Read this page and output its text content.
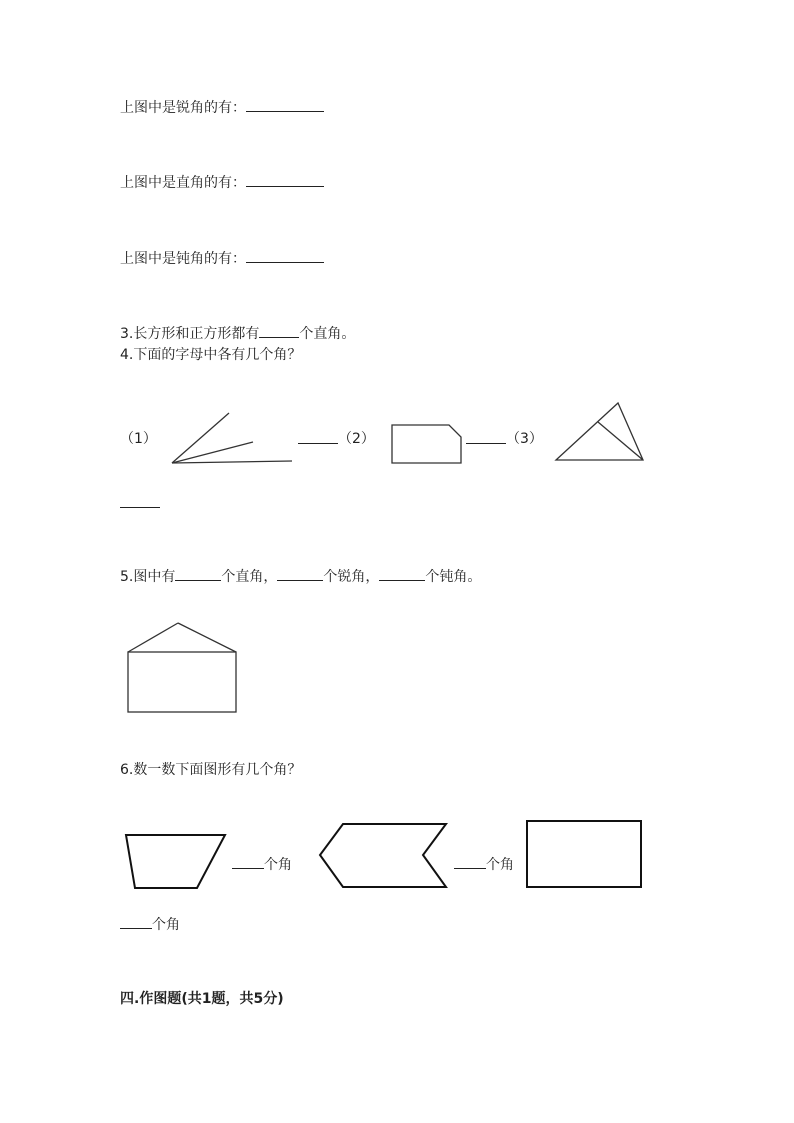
上图中是锐角的有：
上图中是直角的有：
上图中是钝角的有：
3.长方形和正方形都有	个直角。
4.下面的字母中各有几个角？
（1）	（2）	（3）
5.图中有	个直角，	个锐角，	个钝角。
6.数一数下面图形有几个角？
个角	个角
个角
四.作图题(共1题，共5分)
